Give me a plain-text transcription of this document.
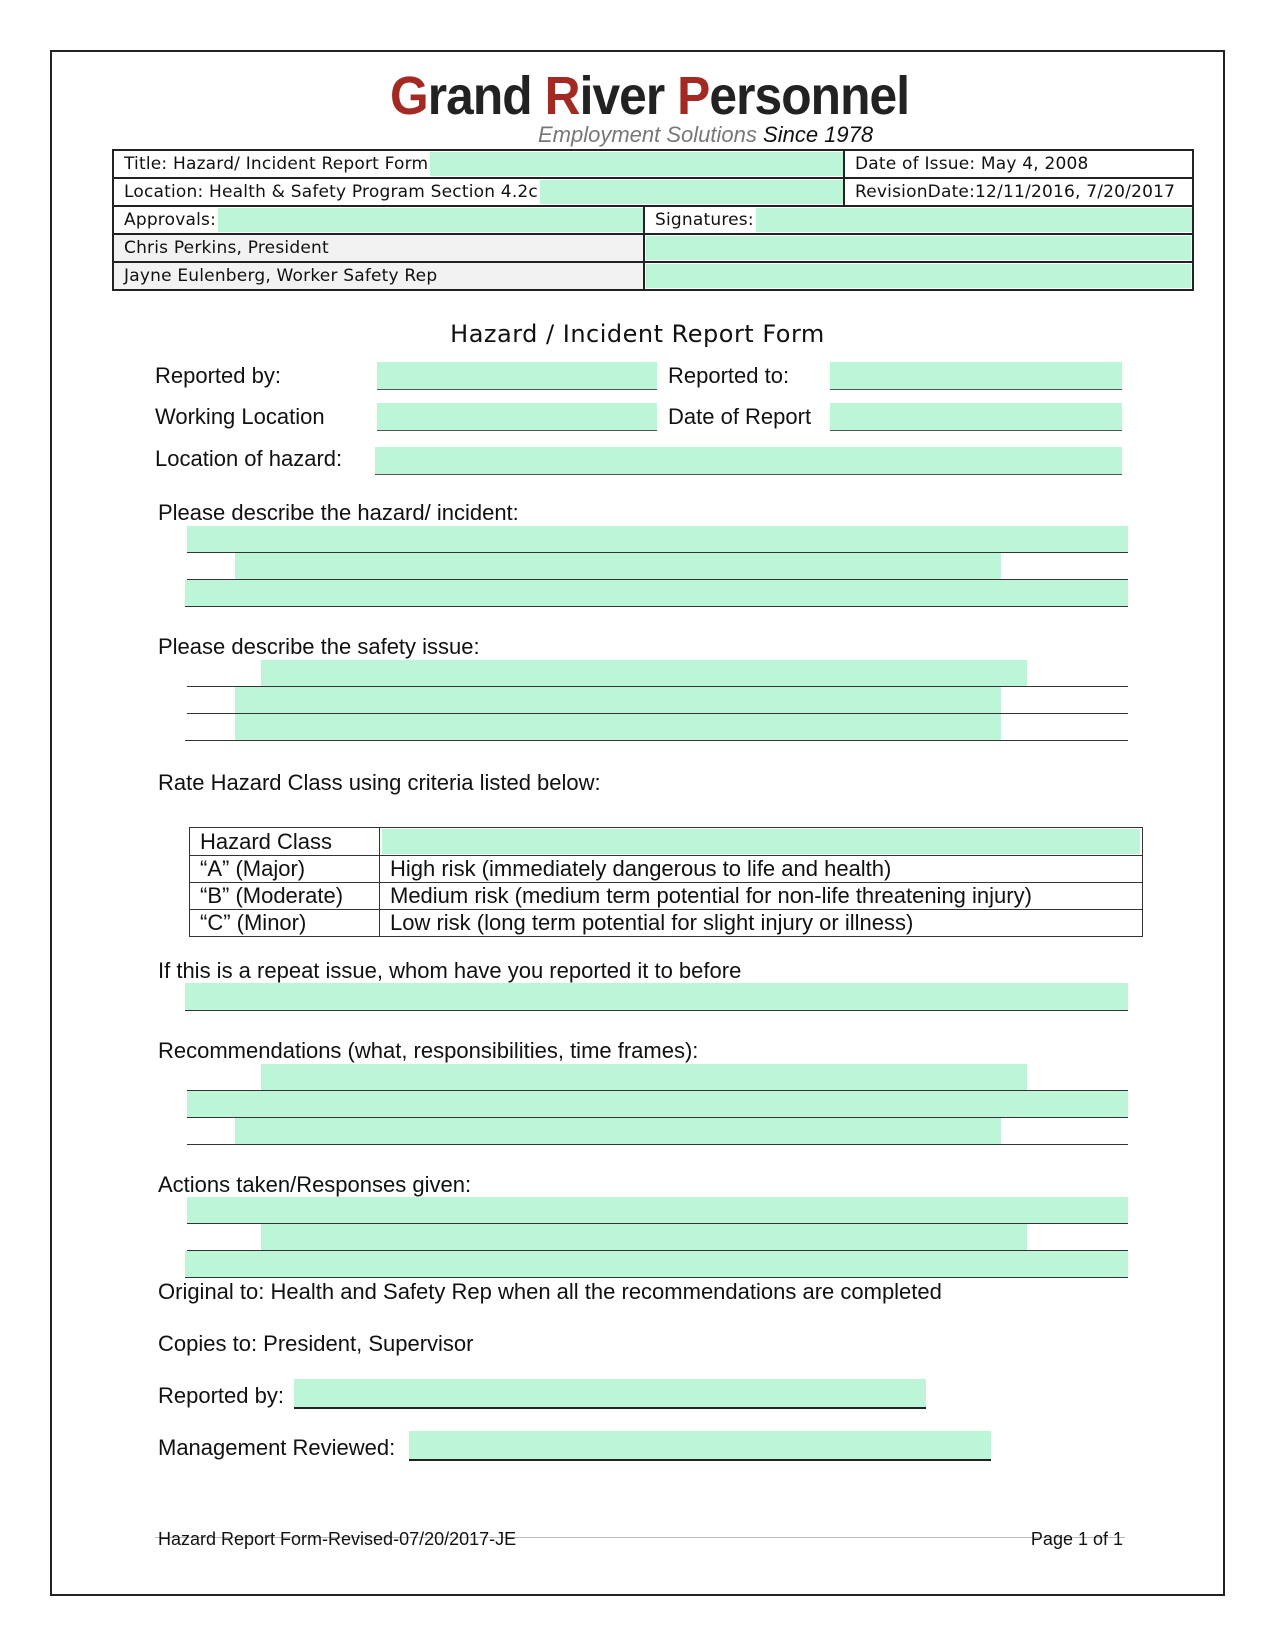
Grand River Personnel
Employment Solutions Since 1978
Title: Hazard/ Incident Report Form		Date of Issue: May 4, 2008

Location: Health & Safety Program Section 4.2c		RevisionDate:12/11/2016, 7/20/2017

Approvals:	Signatures:	

Chris Perkins, President		

Jayne Eulenberg, Worker Safety Rep		

Hazard / Incident Report Form
Reported by:	Reported to:
Working Location	Date of Report
Location of hazard:
Please describe the hazard/ incident:
Please describe the safety issue:
Rate Hazard Class using criteria listed below:
Hazard Class	

“A” (Major)	High risk (immediately dangerous to life and health)
“B” (Moderate)	Medium risk (medium term potential for non-life threatening injury)
“C” (Minor)	Low risk (long term potential for slight injury or illness)
If this is a repeat issue, whom have you reported it to before
Recommendations (what, responsibilities, time frames):
Actions taken/Responses given:
Original to: Health and Safety Rep when all the recommendations are completed
Copies to: President, Supervisor
Reported by:
Management Reviewed:
Hazard Report Form-Revised-07/20/2017-JE	Page 1 of 1
